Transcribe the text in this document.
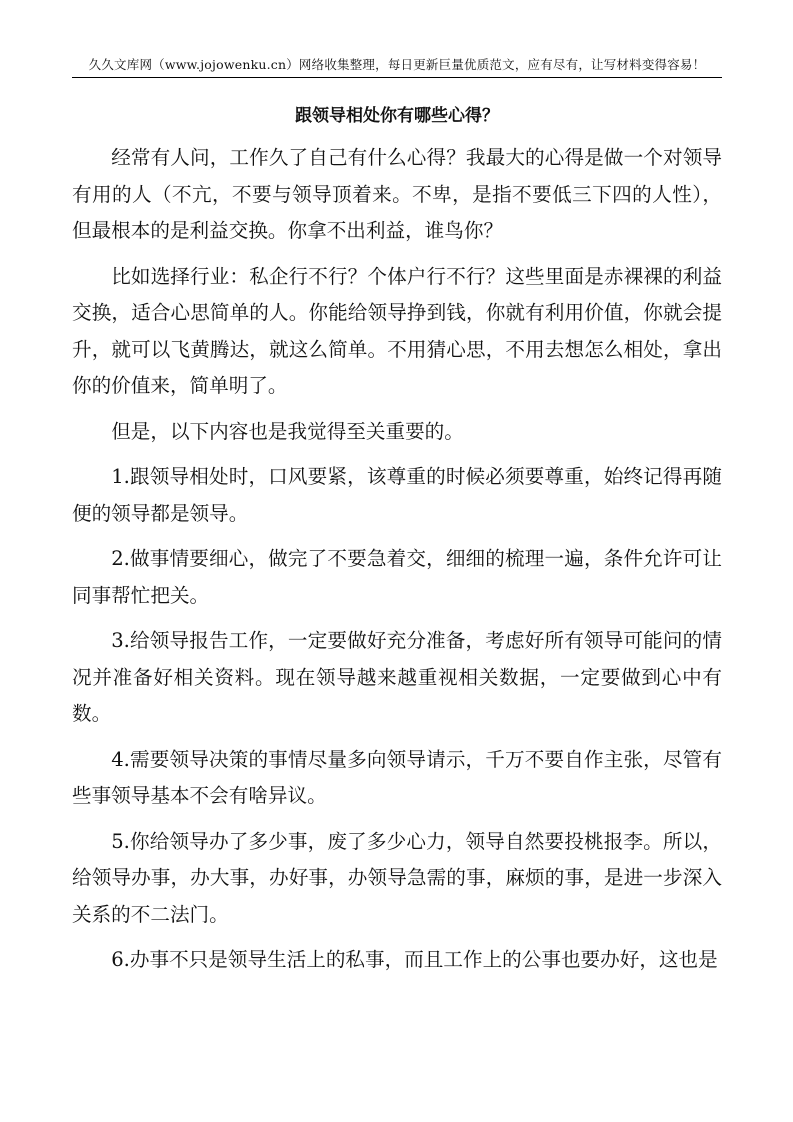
久久文库网（www.jojowenku.cn）网络收集整理，每日更新巨量优质范文，应有尽有，让写材料变得容易！
跟领导相处你有哪些心得？

经常有人问，工作久了自己有什么心得？我最大的心得是做一个对领导有用的人（不亢，不要与领导顶着来。不卑，是指不要低三下四的人性），但最根本的是利益交换。你拿不出利益，谁鸟你？

比如选择行业：私企行不行？个体户行不行？这些里面是赤裸裸的利益交换，适合心思简单的人。你能给领导挣到钱，你就有利用价值，你就会提升，就可以飞黄腾达，就这么简单。不用猜心思，不用去想怎么相处，拿出你的价值来，简单明了。

但是，以下内容也是我觉得至关重要的。

1.跟领导相处时，口风要紧，该尊重的时候必须要尊重，始终记得再随便的领导都是领导。

2.做事情要细心，做完了不要急着交，细细的梳理一遍，条件允许可让同事帮忙把关。

3.给领导报告工作，一定要做好充分准备，考虑好所有领导可能问的情况并准备好相关资料。现在领导越来越重视相关数据，一定要做到心中有数。

4.需要领导决策的事情尽量多向领导请示，千万不要自作主张，尽管有些事领导基本不会有啥异议。

5.你给领导办了多少事，废了多少心力，领导自然要投桃报李。所以，给领导办事，办大事，办好事，办领导急需的事，麻烦的事，是进一步深入关系的不二法门。

6.办事不只是领导生活上的私事，而且工作上的公事也要办好，这也是
